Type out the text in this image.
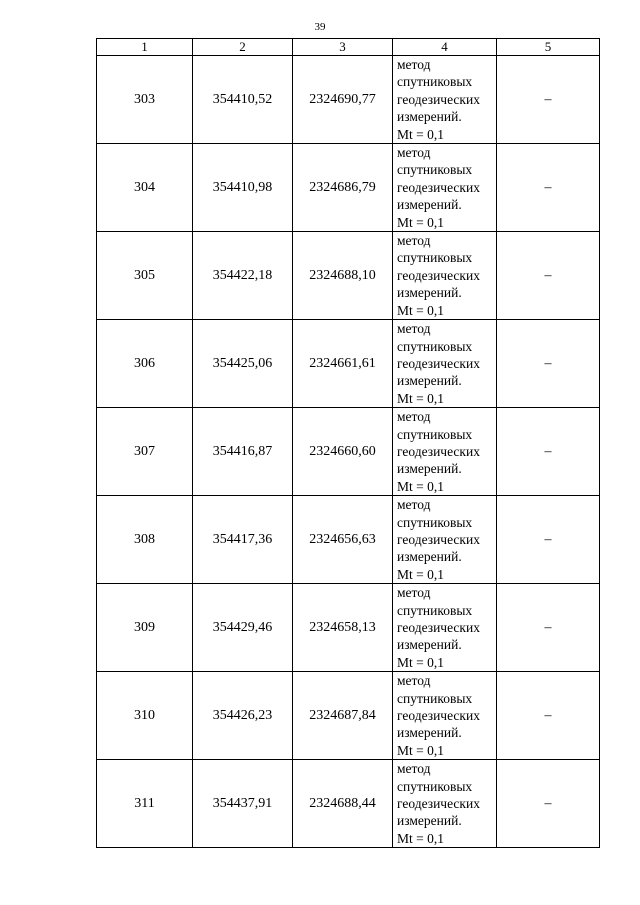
39
1	2	3	4	5
303	354410,52	2324690,77	метод
спутниковых
геодезических
измерений.
Mt = 0,1	–
304	354410,98	2324686,79	метод
спутниковых
геодезических
измерений.
Mt = 0,1	–
305	354422,18	2324688,10	метод
спутниковых
геодезических
измерений.
Mt = 0,1	–
306	354425,06	2324661,61	метод
спутниковых
геодезических
измерений.
Mt = 0,1	–
307	354416,87	2324660,60	метод
спутниковых
геодезических
измерений.
Mt = 0,1	–
308	354417,36	2324656,63	метод
спутниковых
геодезических
измерений.
Mt = 0,1	–
309	354429,46	2324658,13	метод
спутниковых
геодезических
измерений.
Mt = 0,1	–
310	354426,23	2324687,84	метод
спутниковых
геодезических
измерений.
Mt = 0,1	–
311	354437,91	2324688,44	метод
спутниковых
геодезических
измерений.
Mt = 0,1	–
